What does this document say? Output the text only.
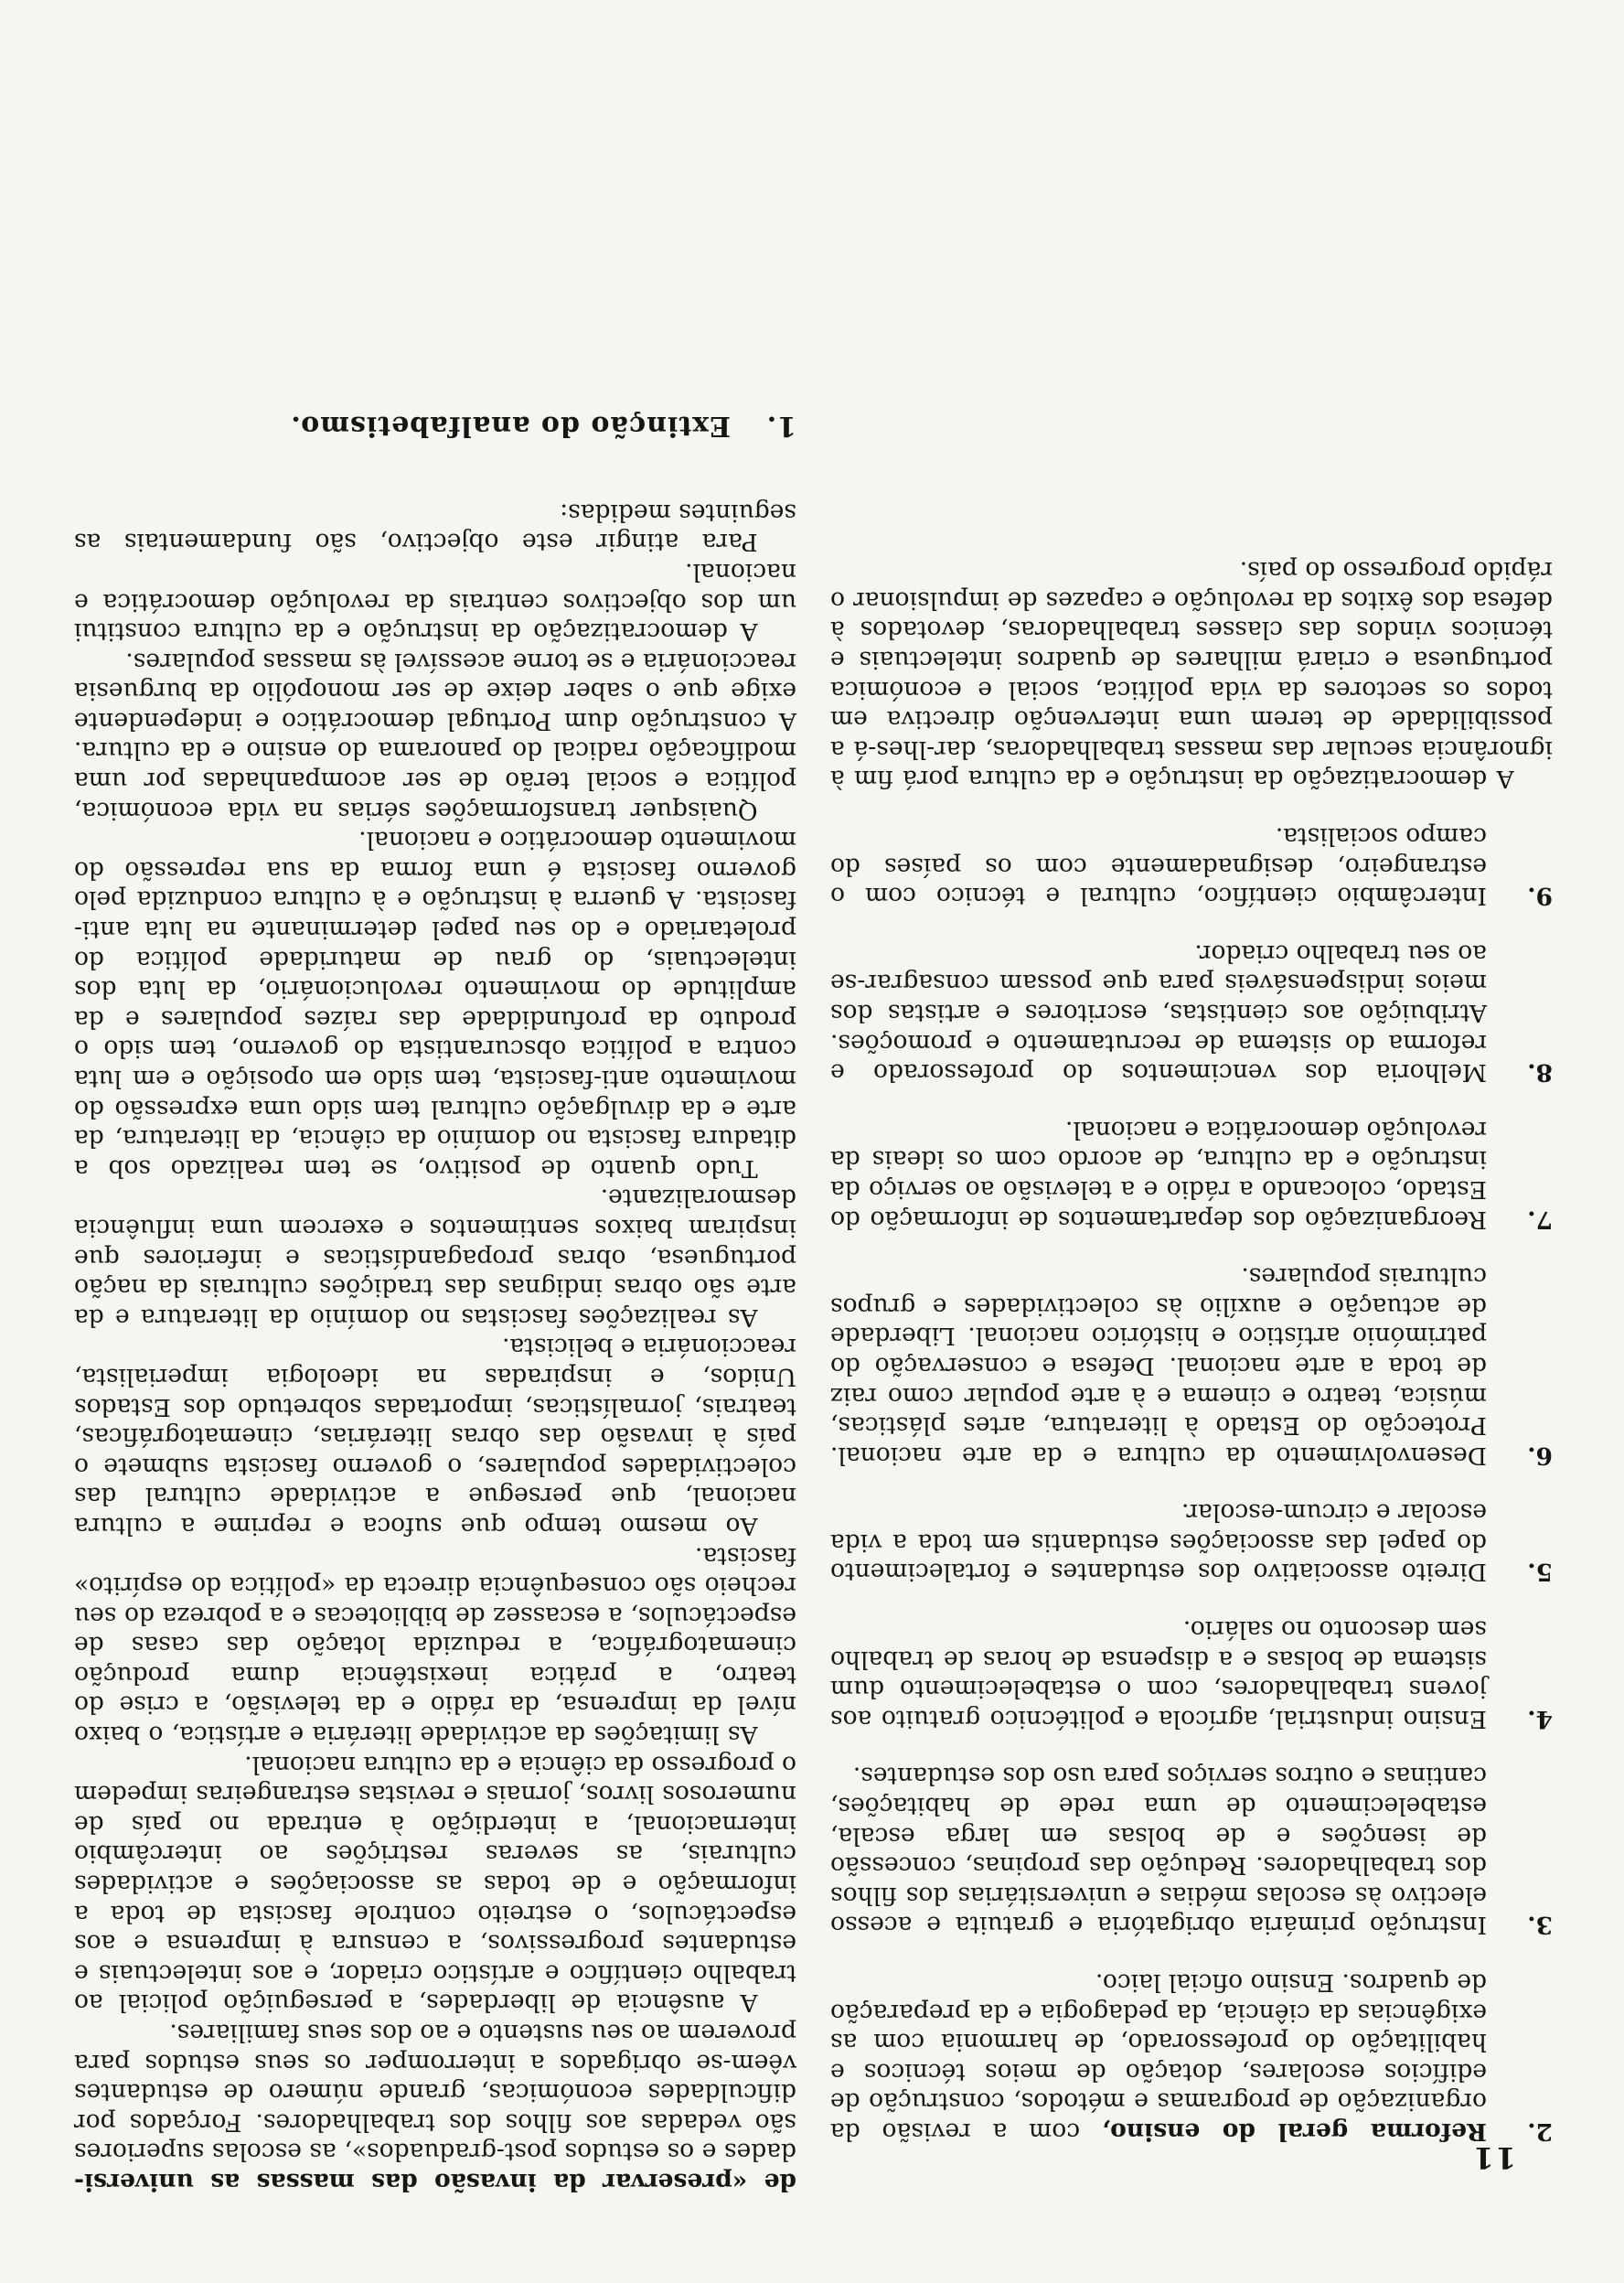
11

de «preservar da invasão das massas as universi- dades e os estudos post-graduados», as escolas superiores são vedadas aos filhos dos trabalhadores. Forçados por dificuldades económicas, grande número de estudantes vêem-se obrigados a interromper os seus estudos para proverem ao seu sustento e ao dos seus familiares.

A ausência de liberdades, a perseguição policial ao trabalho científico e artístico criador, e aos intelectuais e estudantes progressivos, a censura à imprensa e aos espectáculos, o estreito controle fascista de toda a informação e de todas as associações e actividades culturais, as severas restrições ao intercâmbio internacional, a interdição à entrada no país de numerosos livros, jornais e revistas estrangeiras impedem o progresso da ciência e da cultura nacional.

As limitações da actividade literária e artística, o baixo nível da imprensa, da rádio e da televisão, a crise do teatro, a prática inexistência duma produção cinematográfica, a reduzida lotação das casas de espectáculos, a escassez de bibliotecas e a pobreza do seu recheio são consequência directa da «política do espírito» fascista.

Ao mesmo tempo que sufoca e reprime a cultura nacional, que persegue a actividade cultural das colectividades populares, o governo fascista submete o país à invasão das obras literárias, cinematográficas, teatrais, jornalísticas, importadas sobretudo dos Estados Unidos, e inspiradas na ideologia imperialista, reaccionária e belicista.

As realizações fascistas no domínio da literatura e da arte são obras indignas das tradições culturais da nação portuguesa, obras propagandísticas e inferiores que inspiram baixos sentimentos e exercem uma influência desmoralizante.

Tudo quanto de positivo, se tem realizado sob a ditadura fascista no domínio da ciência, da literatura, da arte e da divulgação cultural tem sido uma expressão do movimento anti-fascista, tem sido em oposição e em luta contra a política obscurantista do governo, tem sido o produto da profundidade das raízes populares e da amplitude do movimento revolucionário, da luta dos intelectuais, do grau de maturidade política do proletariado e do seu papel determinante na luta anti-fascista. A guerra à instrução e à cultura conduzida pelo governo fascista é uma forma da sua repressão do movimento democrático e nacional.

Quaisquer transformações sérias na vida económica, política e social terão de ser acompanhadas por uma modificação radical do panorama do ensino e da cultura. A construção dum Portugal democrático e independente exige que o saber deixe de ser monopólio da burguesia reaccionária e se torne acessível às massas populares.

A democratização da instrução e da cultura constitui um dos objectivos centrais da revolução democrática e nacional.

Para atingir este objectivo, são fundamentais as seguintes medidas:

1.Extinção do analfabetismo.
2.
Reforma geral do ensino, com a revisão da organização de programas e métodos, construção de edifícios escolares, dotação de meios técnicos e habilitação do professorado, de harmonia com as exigências da ciência, da pedagogia e da preparação de quadros. Ensino oficial laico.
3.
Instrução primária obrigatória e gratuita e acesso electivo às escolas médias e universitárias dos filhos dos trabalhadores. Redução das propinas, concessão de isenções e de bolsas em larga escala, estabelecimento de uma rede de habitações, cantinas e outros serviços para uso dos estudantes.
4.
Ensino industrial, agrícola e politécnico gratuito aos jovens trabalhadores, com o estabelecimento dum sistema de bolsas e a dispensa de horas de trabalho sem desconto no salário.
5.
Direito associativo dos estudantes e fortalecimento do papel das associações estudantis em toda a vida escolar e circum-escolar.
6.
Desenvolvimento da cultura e da arte nacional. Protecção do Estado à literatura, artes plásticas, música, teatro e cinema e à arte popular como raiz de toda a arte nacional. Defesa e conservação do património artístico e histórico nacional. Liberdade de actuação e auxílio às colectividades e grupos culturais populares.
7.
Reorganização dos departamentos de informação do Estado, colocando a rádio e a televisão ao serviço da instrução e da cultura, de acordo com os ideais da revolução democrática e nacional.
8.
Melhoria dos vencimentos do professorado e reforma do sistema de recrutamento e promoções. Atribuição aos cientistas, escritores e artistas dos meios indispensáveis para que possam consagrar-se ao seu trabalho criador.
9.
Intercâmbio científico, cultural e técnico com o estrangeiro, designadamente com os países do campo socialista.

A democratização da instrução e da cultura porá fim à ignorância secular das massas trabalhadoras, dar-lhes-á a possibilidade de terem uma intervenção directiva em todos os sectores da vida política, social e económica portuguesa e criará milhares de quadros intelectuais e técnicos vindos das classes trabalhadoras, devotados à defesa dos êxitos da revolução e capazes de impulsionar o rápido progresso do país.
